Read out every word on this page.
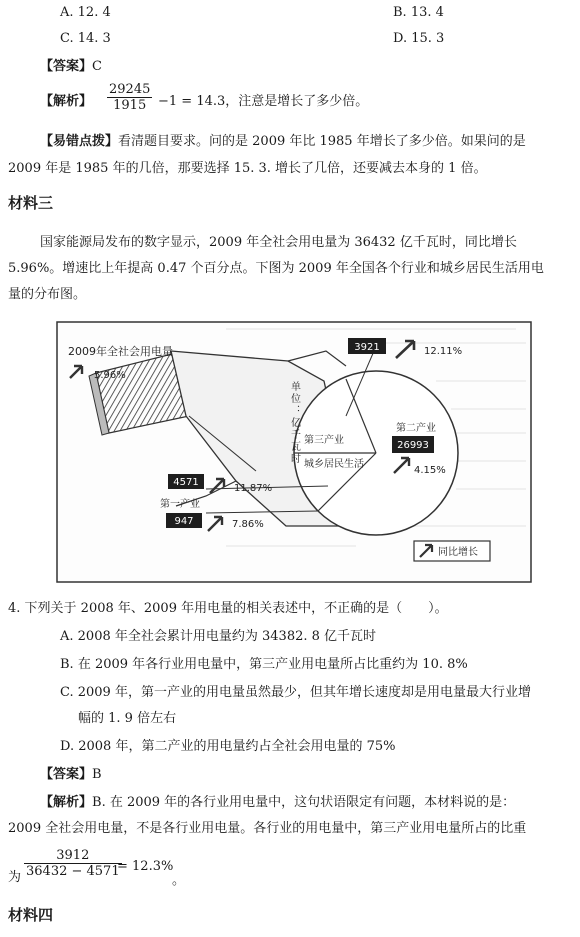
A. 12. 4	B. 13. 4
C. 14. 3	D. 15. 3
【答案】C
【解析】 $\frac{29245}{1915} -1 = 14.3$，注意是增长了多少倍。
【易错点拨】看清题目要求。问的是 2009 年比 1985 年增长了多少倍。如果问的是
2009 年是 1985 年的几倍，那要选择 15. 3. 增长了几倍，还要减去本身的 1 倍。
材料三
国家能源局发布的数字显示，2009 年全社会用电量为 36432 亿千瓦时，同比增长
5.96%。增速比上年提高 0.47 个百分点。下图为 2009 年全国各个行业和城乡居民生活用电
量的分布图。
2009年全社会用电量
5.96%
单位：亿千瓦时
3921	12.11%
第三产业
第二产业
26993
4.15%
城乡居民生活
4571
11.87%
第一产业
947	7.86%
同比增长
4. 下列关于 2008 年、2009 年用电量的相关表述中，不正确的是（　　）。
A. 2008 年全社会累计用电量约为 34382. 8 亿千瓦时
B. 在 2009 年各行业用电量中，第三产业用电量所占比重约为 10. 8%
C. 2009 年，第一产业的用电量虽然最少，但其年增长速度却是用电量最大行业增
幅的 1. 9 倍左右
D. 2008 年，第二产业的用电量约占全社会用电量的 75%
【答案】B
【解析】B. 在 2009 年的各行业用电量中，这句状语限定有问题，本材料说的是：
2009 全社会用电量，不是各行业用电量。各行业的用电量中，第三产业用电量所占的比重
为 $\frac{3912}{36432 - 4571}$
= 12.3%
。
材料四
